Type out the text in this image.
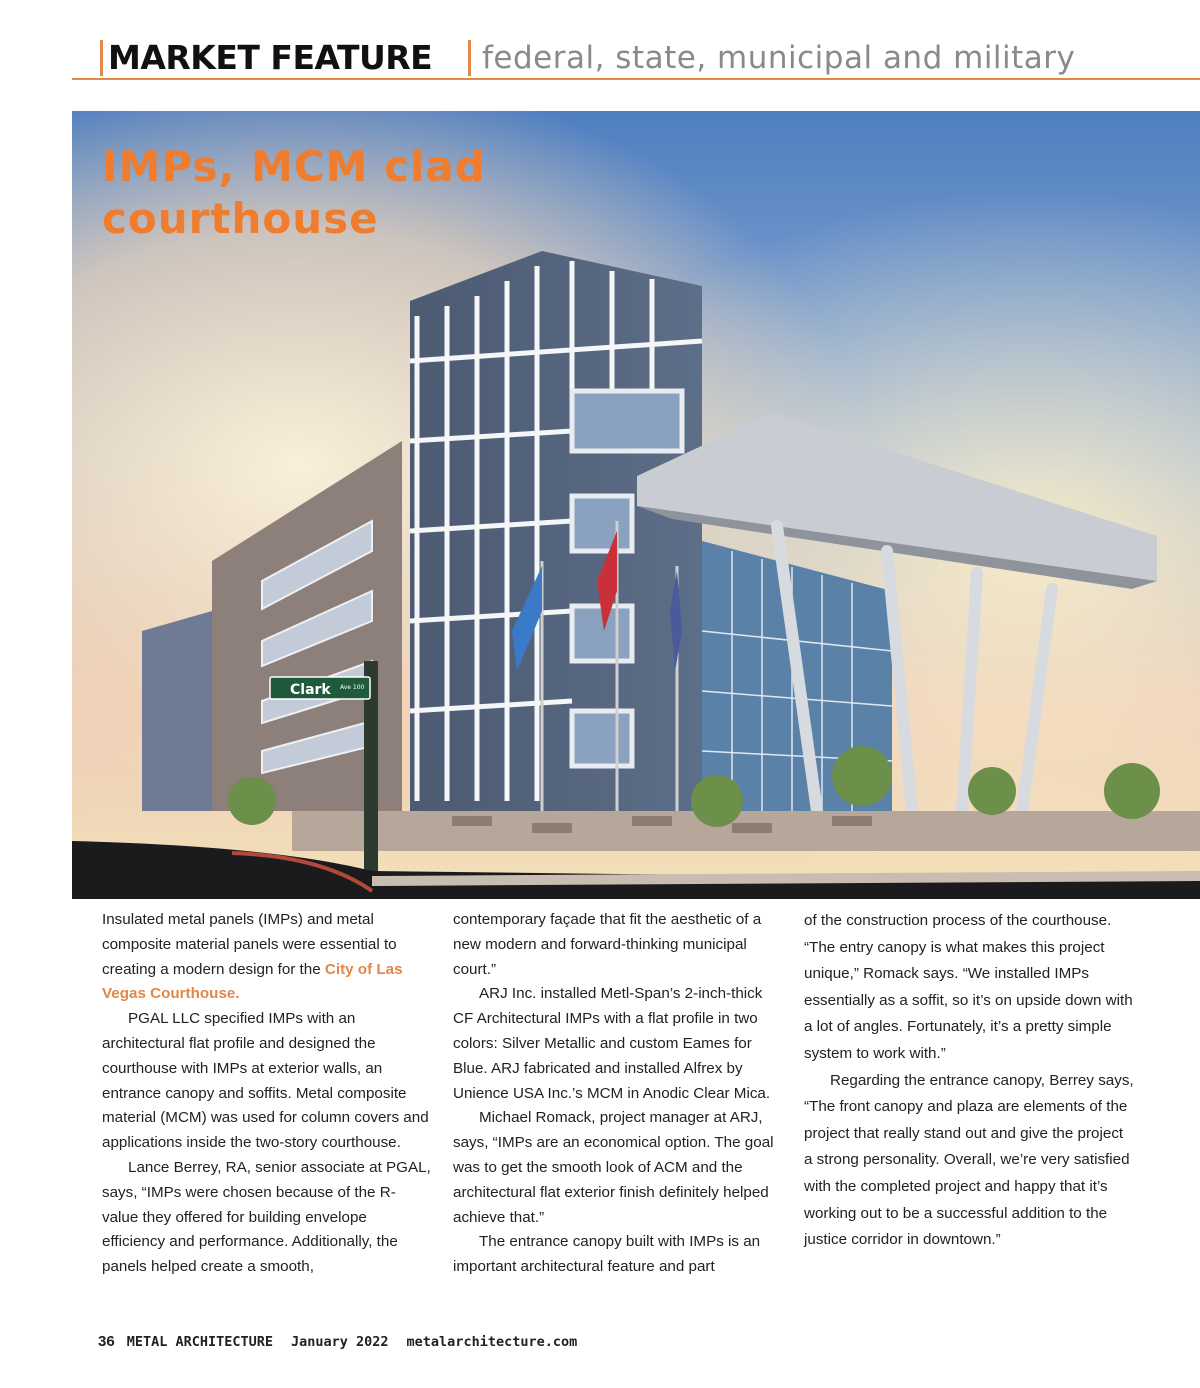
MARKET FEATURE federal, state, municipal and military
Clark Ave 100
IMPs, MCM clad
courthouse

Insulated metal panels (IMPs) and metal composite material panels were essential to creating a modern design for the City of Las Vegas Courthouse.

PGAL LLC specified IMPs with an architectural flat profile and designed the courthouse with IMPs at exterior walls, an entrance canopy and soffits. Metal composite material (MCM) was used for column covers and applications inside the two-story courthouse.

Lance Berrey, RA, senior associate at PGAL, says, “IMPs were chosen because of the R-value they offered for building envelope efficiency and performance. Additionally, the panels helped create a smooth,

contemporary façade that fit the aesthetic of a new modern and forward-thinking municipal court.”

ARJ Inc. installed Metl-Span’s 2-inch-thick CF Architectural IMPs with a flat profile in two colors: Silver Metallic and custom Eames for Blue. ARJ fabricated and installed Alfrex by Unience USA Inc.’s MCM in Anodic Clear Mica.

Michael Romack, project manager at ARJ, says, “IMPs are an economical option. The goal was to get the smooth look of ACM and the architectural flat exterior finish definitely helped achieve that.”

The entrance canopy built with IMPs is an important architectural feature and part

of the construction process of the courthouse. “The entry canopy is what makes this project unique,” Romack says. “We installed IMPs essentially as a soffit, so it’s on upside down with a lot of angles. Fortunately, it’s a pretty simple system to work with.”

Regarding the entrance canopy, Berrey says, “The front canopy and plaza are elements of the project that really stand out and give the project a strong personality. Overall, we’re very satisfied with the completed project and happy that it’s working out to be a successful addition to the justice corridor in downtown.”

36 METAL ARCHITECTURE January 2022 metalarchitecture.com
